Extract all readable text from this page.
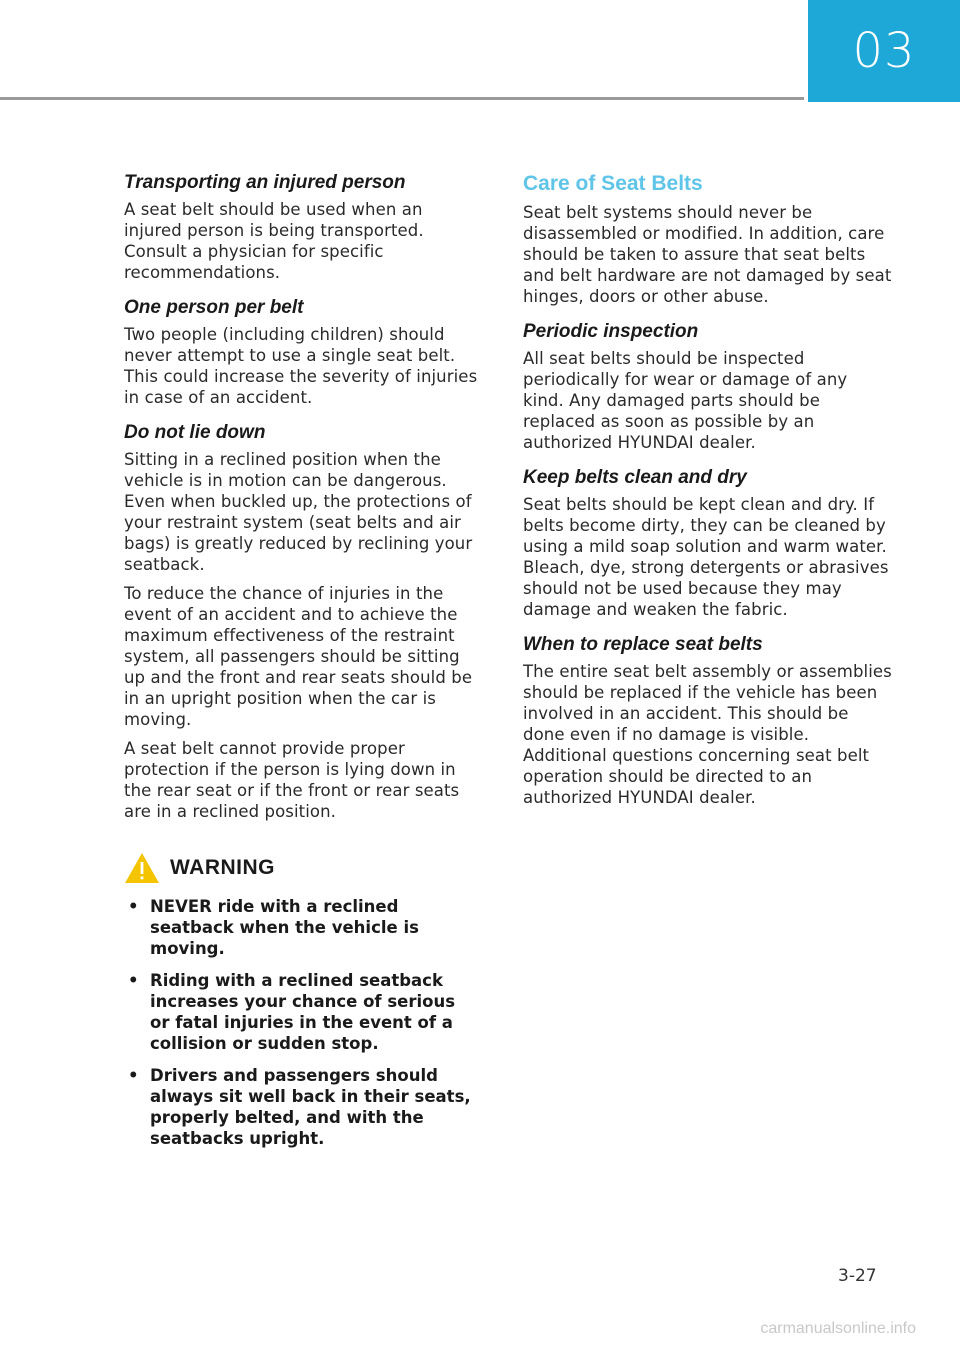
03
Transporting an injured person

A seat belt should be used when an injured person is being transported. Consult a physician for specific recommendations.

One person per belt

Two people (including children) should never attempt to use a single seat belt. This could increase the severity of injuries in case of an accident.

Do not lie down

Sitting in a reclined position when the vehicle is in motion can be dangerous. Even when buckled up, the protections of your restraint system (seat belts and air bags) is greatly reduced by reclining your seatback.

To reduce the chance of injuries in the event of an accident and to achieve the maximum effectiveness of the restraint system, all passengers should be sitting up and the front and rear seats should be in an upright position when the car is moving.

A seat belt cannot provide proper protection if the person is lying down in the rear seat or if the front or rear seats are in a reclined position.

WARNING
• NEVER ride with a reclined seatback when the vehicle is moving.
• Riding with a reclined seatback increases your chance of serious or fatal injuries in the event of a collision or sudden stop.
• Drivers and passengers should always sit well back in their seats, properly belted, and with the seatbacks upright.
Care of Seat Belts

Seat belt systems should never be disassembled or modified. In addition, care should be taken to assure that seat belts and belt hardware are not damaged by seat hinges, doors or other abuse.

Periodic inspection

All seat belts should be inspected periodically for wear or damage of any kind. Any damaged parts should be replaced as soon as possible by an authorized HYUNDAI dealer.

Keep belts clean and dry

Seat belts should be kept clean and dry. If belts become dirty, they can be cleaned by using a mild soap solution and warm water. Bleach, dye, strong detergents or abrasives should not be used because they may damage and weaken the fabric.

When to replace seat belts

The entire seat belt assembly or assemblies should be replaced if the vehicle has been involved in an accident. This should be done even if no damage is visible. Additional questions concerning seat belt operation should be directed to an authorized HYUNDAI dealer.

3-27
carmanualsonline.info
